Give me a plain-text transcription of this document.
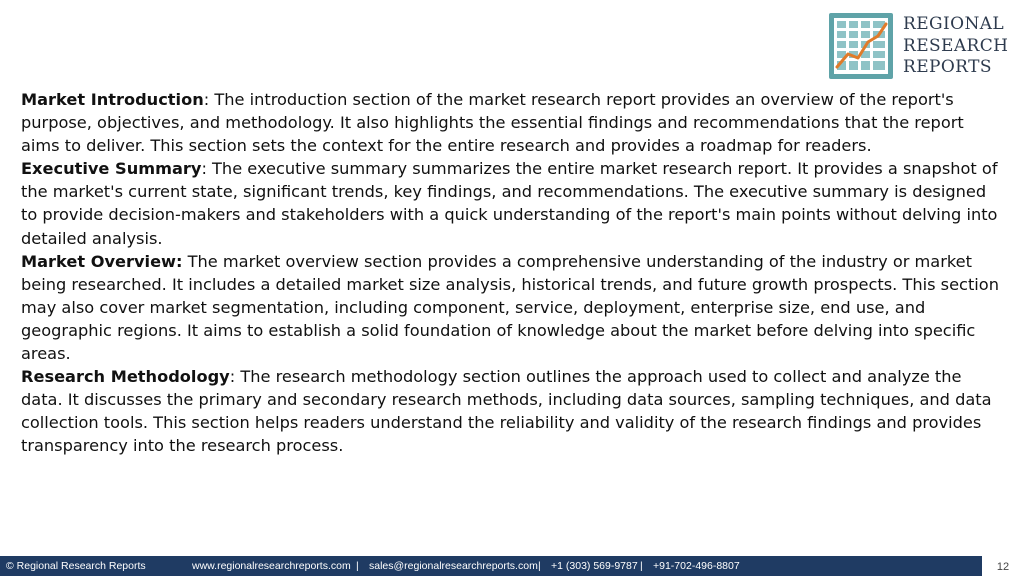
REGIONAL
RESEARCH
REPORTS

Market Introduction: The introduction section of the market research report provides an overview of the report's purpose, objectives, and methodology. It also highlights the essential findings and recommendations that the report aims to deliver. This section sets the context for the entire research and provides a roadmap for readers.

Executive Summary: The executive summary summarizes the entire market research report. It provides a snapshot of the market's current state, significant trends, key findings, and recommendations. The executive summary is designed to provide decision-makers and stakeholders with a quick understanding of the report's main points without delving into detailed analysis.

Market Overview: The market overview section provides a comprehensive understanding of the industry or market being researched. It includes a detailed market size analysis, historical trends, and future growth prospects. This section may also cover market segmentation, including component, service, deployment, enterprise size, end use, and geographic regions. It aims to establish a solid foundation of knowledge about the market before delving into specific areas.

Research Methodology: The research methodology section outlines the approach used to collect and analyze the data. It discusses the primary and secondary research methods, including data sources, sampling techniques, and data collection tools. This section helps readers understand the reliability and validity of the research findings and provides transparency into the research process.

© Regional Research Reports	www.regionalresearchreports.com | sales@regionalresearchreports.com | +1 (303) 569-9787 | +91-702-496-8807	12
